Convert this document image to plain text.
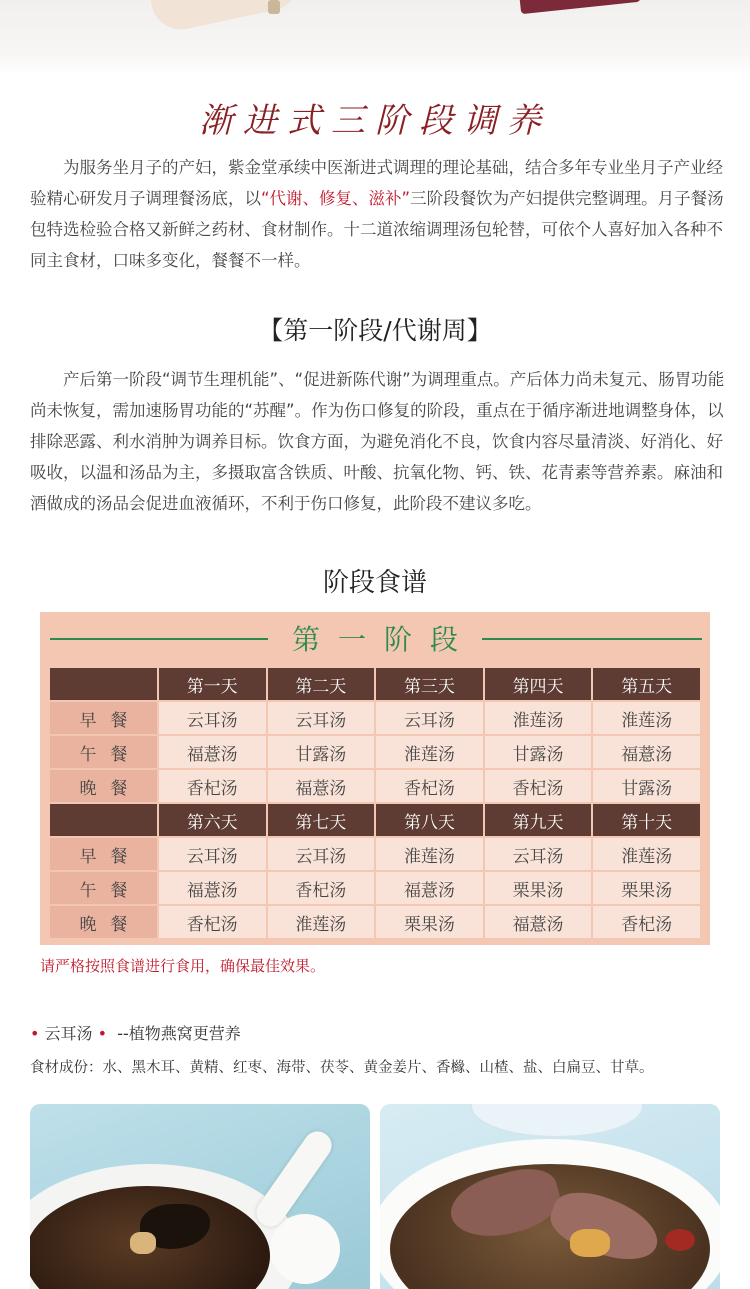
渐进式三阶段调养

为服务坐月子的产妇，紫金堂承续中医渐进式调理的理论基础，结合多年专业坐月子产业经验精心研发月子调理餐汤底，以“代谢、修复、滋补”三阶段餐饮为产妇提供完整调理。月子餐汤包特选检验合格又新鲜之药材、食材制作。十二道浓缩调理汤包轮替，可依个人喜好加入各种不同主食材，口味多变化，餐餐不一样。

【第一阶段/代谢周】

产后第一阶段“调节生理机能”、“促进新陈代谢”为调理重点。产后体力尚未复元、肠胃功能尚未恢复，需加速肠胃功能的“苏醒”。作为伤口修复的阶段，重点在于循序渐进地调整身体，以排除恶露、利水消肿为调养目标。饮食方面，为避免消化不良，饮食内容尽量清淡、好消化、好吸收，以温和汤品为主，多摄取富含铁质、叶酸、抗氧化物、钙、铁、花青素等营养素。麻油和酒做成的汤品会促进血液循环，不利于伤口修复，此阶段不建议多吃。

阶段食谱
第一阶段
	第一天	第二天	第三天	第四天	第五天
早餐	云耳汤	云耳汤	云耳汤	淮莲汤	淮莲汤
午餐	福薏汤	甘露汤	淮莲汤	甘露汤	福薏汤
晚餐	香杞汤	福薏汤	香杞汤	香杞汤	甘露汤
	第六天	第七天	第八天	第九天	第十天
早餐	云耳汤	云耳汤	淮莲汤	云耳汤	淮莲汤
午餐	福薏汤	香杞汤	福薏汤	栗果汤	栗果汤
晚餐	香杞汤	淮莲汤	栗果汤	福薏汤	香杞汤
请严格按照食谱进行食用，确保最佳效果。
• 云耳汤 • --植物燕窝更营养
食材成份：水、黑木耳、黄精、红枣、海带、茯苓、黄金姜片、香櫞、山楂、盐、白扁豆、甘草。
